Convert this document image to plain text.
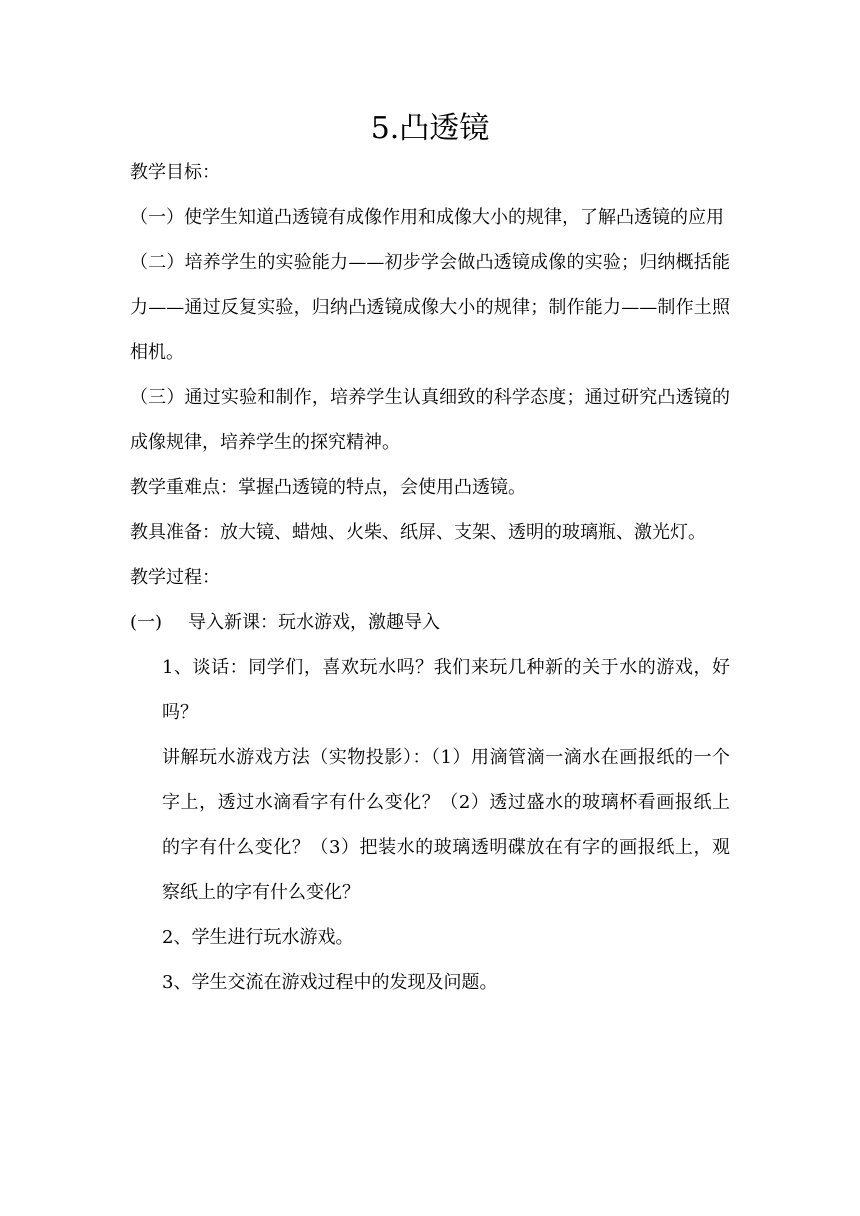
5.凸透镜

教学目标：

（一）使学生知道凸透镜有成像作用和成像大小的规律，了解凸透镜的应用

（二）培养学生的实验能力——初步学会做凸透镜成像的实验；归纳概括能力——通过反复实验，归纳凸透镜成像大小的规律；制作能力——制作土照相机。

（三）通过实验和制作，培养学生认真细致的科学态度；通过研究凸透镜的成像规律，培养学生的探究精神。

教学重难点：掌握凸透镜的特点，会使用凸透镜。

教具准备：放大镜、蜡烛、火柴、纸屏、支架、透明的玻璃瓶、激光灯。

教学过程：

(一) 导入新课：玩水游戏，激趣导入

1、谈话：同学们，喜欢玩水吗？我们来玩几种新的关于水的游戏，好吗？

讲解玩水游戏方法（实物投影）：（1）用滴管滴一滴水在画报纸的一个字上，透过水滴看字有什么变化？（2）透过盛水的玻璃杯看画报纸上的字有什么变化？（3）把装水的玻璃透明碟放在有字的画报纸上，观察纸上的字有什么变化？

2、学生进行玩水游戏。

3、学生交流在游戏过程中的发现及问题。
